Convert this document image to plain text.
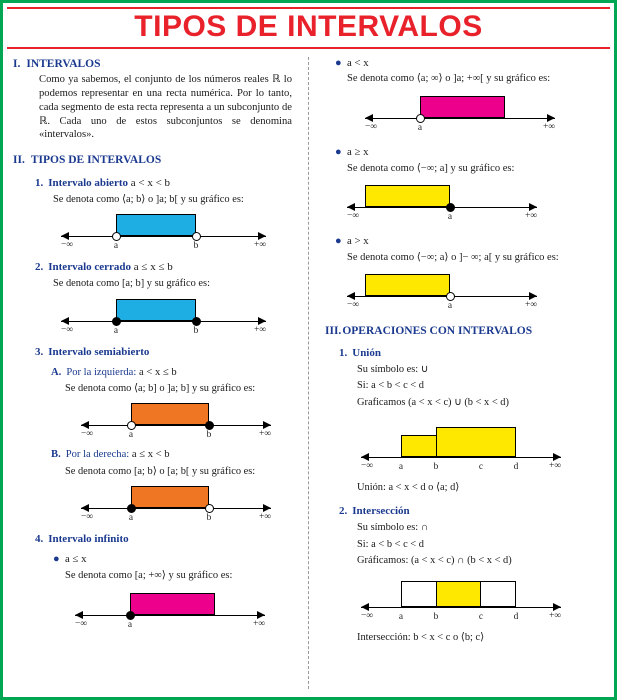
TIPOS DE INTERVALOS
I. INTERVALOS
Como ya sabemos, el conjunto de los números reales ℝ lo podemos representar en una recta numérica. Por lo tanto, cada segmento de esta recta representa a un subconjunto de ℝ. Cada uno de estos subconjuntos se denomina «intervalos».
II. TIPOS DE INTERVALOS
1. Intervalo abierto a < x < b
Se denota como ⟨a; b⟩ o ]a; b[ y su gráfico es:
a	b
−∞	+∞
2. Intervalo cerrado a ≤ x ≤ b
Se denota como [a; b] y su gráfico es:
a	b
−∞	+∞
3. Intervalo semiabierto
A. Por la izquierda: a < x ≤ b
Se denota como ⟨a; b] o ]a; b] y su gráfico es:
a	b
−∞	+∞
B. Por la derecha: a ≤ x < b
Se denota como [a; b⟩ o [a; b[ y su gráfico es:
a	b
−∞	+∞
4. Intervalo infinito
● a ≤ x
Se denota como [a; +∞⟩ y su gráfico es:
a
−∞	+∞
● a < x
Se denota como ⟨a; ∞⟩ o ]a; +∞[ y su gráfico es:
a
−∞	+∞
● a ≥ x
Se denota como ⟨−∞; a] y su gráfico es:
a
−∞	+∞
● a > x
Se denota como ⟨−∞; a⟩ o ]− ∞; a[ y su gráfico es:
a
−∞	+∞
III. OPERACIONES CON INTERVALOS
1. Unión
Su símbolo es: ∪
Si: a < b < c < d
Graficamos (a < x < c) ∪ (b < x < d)
a	b	c	d
−∞	+∞
Unión: a < x < d o ⟨a; d⟩
2. Intersección
Su símbolo es: ∩
Si: a < b < c < d
Gráficamos: (a < x < c) ∩ (b < x < d)
a	b	c	d
−∞	+∞
Intersección: b < x < c o ⟨b; c⟩
